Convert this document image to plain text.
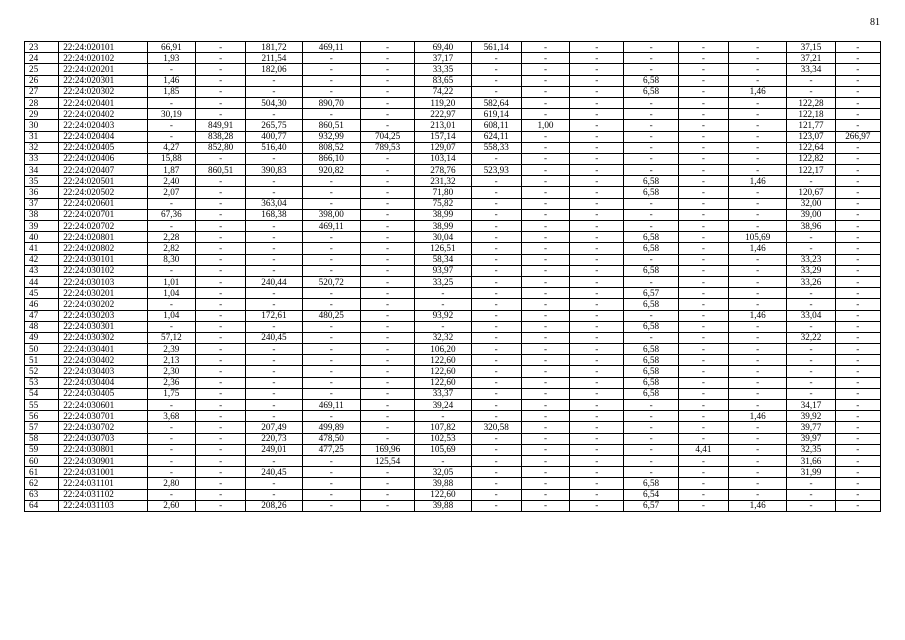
81
23	22:24:020101	66,91	-	181,72	469,11	-	69,40	561,14	-	-	-	-	-	37,15	-
24	22:24:020102	1,93	-	211,54	-	-	37,17	-	-	-	-	-	-	37,21	-
25	22:24:020201	-	-	182,06	-	-	33,35	-	-	-	-	-	-	33,34	-
26	22:24:020301	1,46	-	-	-	-	83,65	-	-	-	6,58	-	-	-	-
27	22:24:020302	1,85	-	-	-	-	74,22	-	-	-	6,58	-	1,46	-	-
28	22:24:020401	-	-	504,30	890,70	-	119,20	582,64	-	-	-	-	-	122,28	-
29	22:24:020402	30,19	-	-	-	-	222,97	619,14	-	-	-	-	-	122,18	-
30	22:24:020403	-	849,91	265,75	860,51	-	213,01	608,11	1,00	-	-	-	-	121,77	-
31	22:24:020404	-	838,28	400,77	932,99	704,25	157,14	624,11	-	-	-	-	-	123,07	266,97
32	22:24:020405	4,27	852,80	516,40	808,52	789,53	129,07	558,33	-	-	-	-	-	122,64	-
33	22:24:020406	15,88	-	-	866,10	-	103,14	-	-	-	-	-	-	122,82	-
34	22:24:020407	1,87	860,51	390,83	920,82	-	278,76	523,93	-	-	-	-	-	122,17	-
35	22:24:020501	2,40	-	-	-	-	231,32	-	-	-	6,58	-	1,46	-	-
36	22:24:020502	2,07	-	-	-	-	71,80	-	-	-	6,58	-	-	120,67	-
37	22:24:020601	-	-	363,04	-	-	75,82	-	-	-	-	-	-	32,00	-
38	22:24:020701	67,36	-	168,38	398,00	-	38,99	-	-	-	-	-	-	39,00	-
39	22:24:020702	-	-	-	469,11	-	38,99	-	-	-	-	-	-	38,96	-
40	22:24:020801	2,28	-	-	-	-	30,04	-	-	-	6,58	-	105,69	-	-
41	22:24:020802	2,82	-	-	-	-	126,51	-	-	-	6,58	-	1,46	-	-
42	22:24:030101	8,30	-	-	-	-	58,34	-	-	-	-	-	-	33,23	-
43	22:24:030102	-	-	-	-	-	93,97	-	-	-	6,58	-	-	33,29	-
44	22:24:030103	1,01	-	240,44	520,72	-	33,25	-	-	-	-	-	-	33,26	-
45	22:24:030201	1,04	-	-	-	-	-	-	-	-	6,57	-	-	-	-
46	22:24:030202	-	-	-	-	-	-	-	-	-	6,58	-	-	-	-
47	22:24:030203	1,04	-	172,61	480,25	-	93,92	-	-	-	-	-	1,46	33,04	-
48	22:24:030301	-	-	-	-	-	-	-	-	-	6,58	-	-	-	-
49	22:24:030302	57,12	-	240,45	-	-	32,32	-	-	-	-	-	-	32,22	-
50	22:24:030401	2,39	-	-	-	-	106,20	-	-	-	6,58	-	-	-	-
51	22:24:030402	2,13	-	-	-	-	122,60	-	-	-	6,58	-	-	-	-
52	22:24:030403	2,30	-	-	-	-	122,60	-	-	-	6,58	-	-	-	-
53	22:24:030404	2,36	-	-	-	-	122,60	-	-	-	6,58	-	-	-	-
54	22:24:030405	1,75	-	-	-	-	33,37	-	-	-	6,58	-	-	-	-
55	22:24:030601	-	-	-	469,11	-	39,24	-	-	-	-	-	-	34,17	-
56	22:24:030701	3,68	-	-	-	-	-	-	-	-	-	-	1,46	39,92	-
57	22:24:030702	-	-	207,49	499,89	-	107,82	320,58	-	-	-	-	-	39,77	-
58	22:24:030703	-	-	220,73	478,50	-	102,53	-	-	-	-	-	-	39,97	-
59	22:24:030801	-	-	249,01	477,25	169,96	105,69	-	-	-	-	4,41	-	32,35	-
60	22:24:030901	-	-	-	-	125,54	-	-	-	-	-	-	-	31,66	-
61	22:24:031001	-	-	240,45	-	-	32,05	-	-	-	-	-	-	31,99	-
62	22:24:031101	2,80	-	-	-	-	39,88	-	-	-	6,58	-	-	-	-
63	22:24:031102	-	-	-	-	-	122,60	-	-	-	6,54	-	-	-	-
64	22:24:031103	2,60	-	208,26	-	-	39,88	-	-	-	6,57	-	1,46	-	-
